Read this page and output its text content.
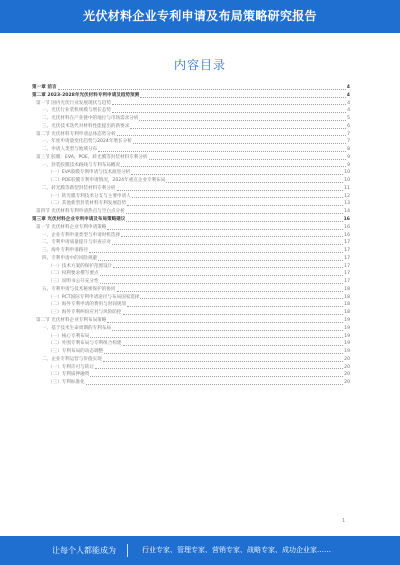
光伏材料企业专利申请及布局策略研究报告
内容目录
第一章 前言	4
第二章 2023-2028年光伏材料专利申请及趋势预测	4
第一节 国内光伏行业发展现状与趋势	4
一、光伏行业装机规模与增长态势	4
二、光伏材料在产业链中的地位与市场需求分析	5
三、光伏技术迭代对材料性能提出的新要求	6
第二节 光伏材料专利申请总体态势分析	7
一、年度申请量变化趋势与2024年增长分析	7
二、申请人类型与地域分布	8
第三节 胶膜：EVA、POE、转光膜等封装材料专利分析	9
一、封装胶膜技术路线与专利布局概况	9
（一）EVA胶膜专利申请与技术演进分析	10
（二）POE胶膜专利申请情况，2024年重点企业专利布局	10
二、转光膜等新型封装材料专利分析	11
（一）转光膜专利技术分支与主要申请人	12
（二）其他新型封装材料专利发展趋势	13
第四节 光伏材料专利申请热点与空白点分析	14
第三章 光伏材料企业专利申请及布局策略建议	16
第一节 光伏材料企业专利申请策略	16
一、企业专利申请类型与申请时机选择	16
二、专利申请质量提升与审查应对	17
三、海外专利申请路径	17
四、专利申请中的风险规避	17
（一）技术方案的保护范围设计	17
（二）权利要求撰写要点	17
（三）说明书公开充分性	17
五、专利申请与技术秘密保护的协同	18
（一）PCT国际专利申请途径与布局国家选择	18
（二）海外专利申请的费用与时间规划	18
（三）海外专利纠纷应对与风险防控	18
第二节 光伏材料企业专利布局策略	19
一、基于技术生命周期的专利布局	19
（一）核心专利布局	19
（二）外围专利布局与专利组合构建	19
（三）专利布局的动态调整	19
二、企业专利运营与价值实现	20
（一）专利许可与转让	20
（二）专利质押融资	20
（三）专利标准化	20
1
让每个人都能成为	行业专家、管理专家、营销专家、战略专家、成功企业家……
